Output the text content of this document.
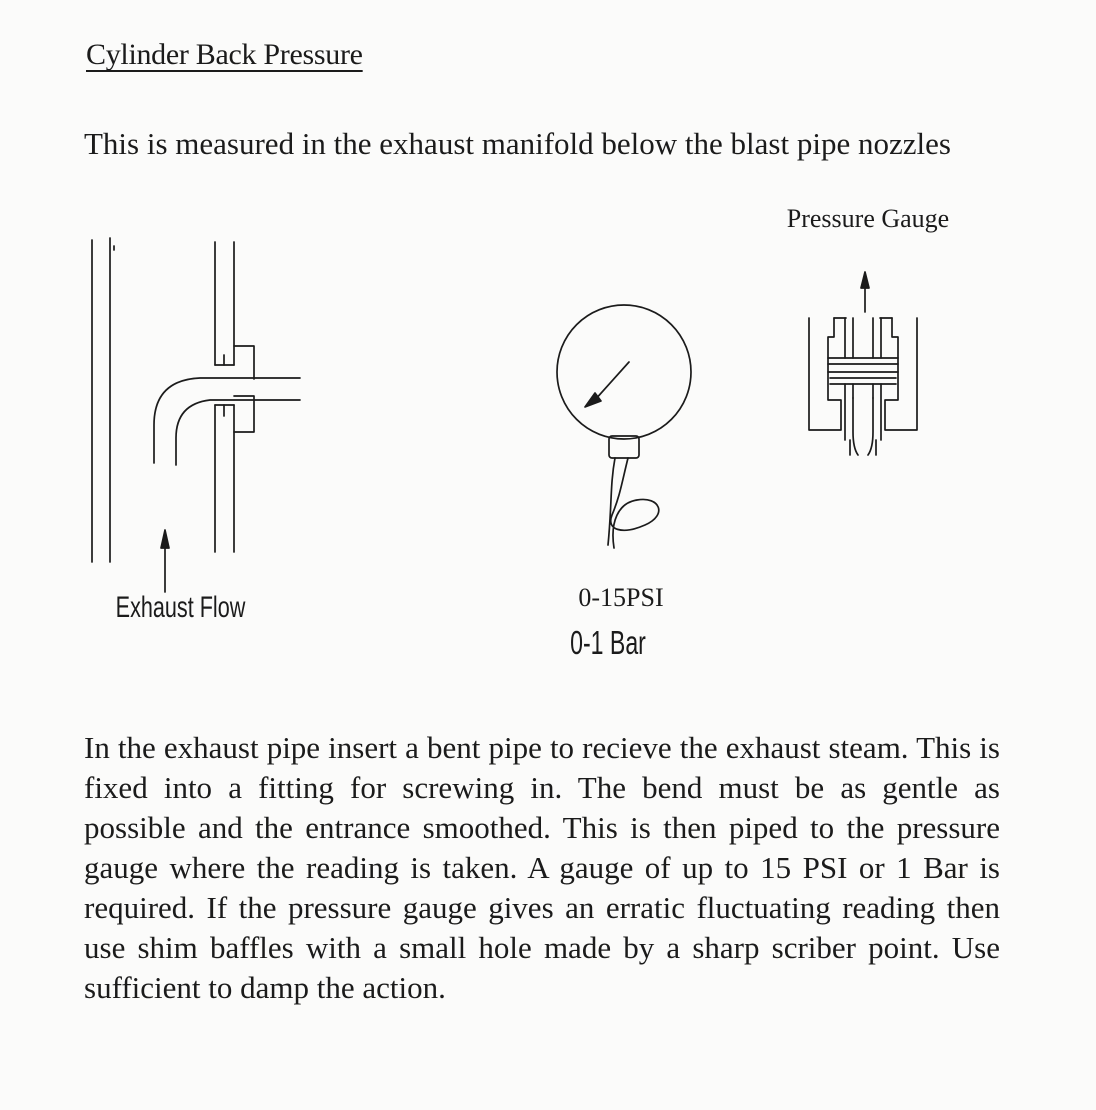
Cylinder Back Pressure

This is measured in the exhaust manifold below the blast pipe nozzles

Pressure Gauge
Exhaust Flow	0-15PSI
0-1 Bar

In the exhaust pipe insert a bent pipe to recieve the exhaust steam. This is fixed into a fitting for screwing in. The bend must be as gentle as possible and the entrance smoothed. This is then piped to the pressure gauge where the reading is taken. A gauge of up to 15 PSI or 1 Bar is required. If the pressure gauge gives an erratic fluctuating reading then use shim baffles with a small hole made by a sharp scriber point. Use sufficient to damp the action.
